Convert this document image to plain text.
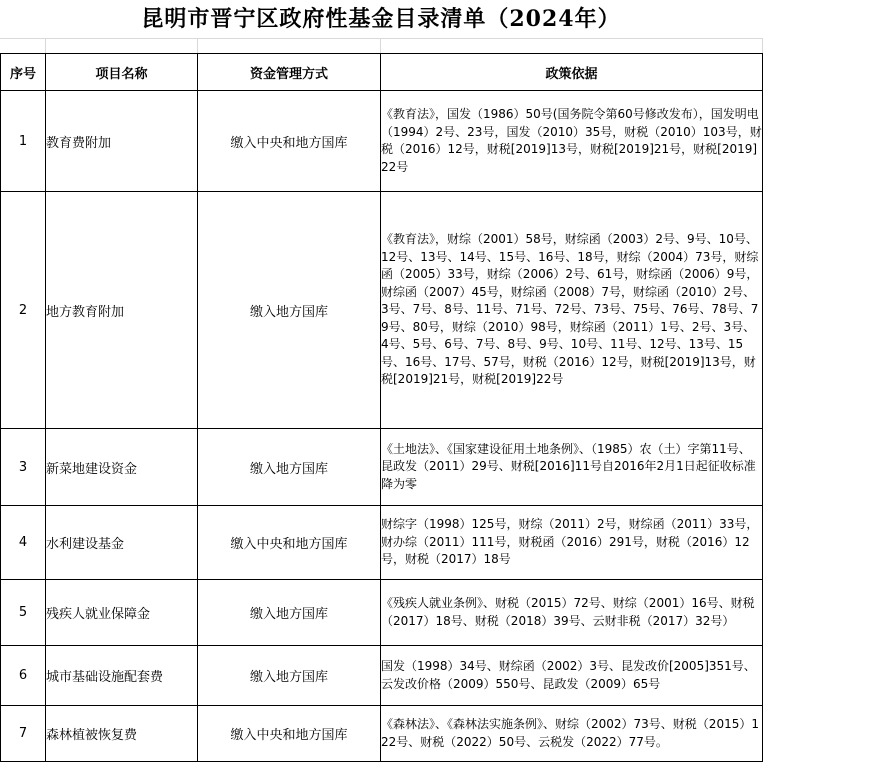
昆明市晋宁区政府性基金目录清单（2024年）
序号	项目名称	资金管理方式	政策依据
1	教育费附加	缴入中央和地方国库	《教育法》，国发（1986）50号(国务院令第60号修改发布），国发明电（1994）2号、23号，国发（2010）35号，财税（2010）103号，财税（2016）12号，财税[2019]13号，财税[2019]21号，财税[2019]22号
2	地方教育附加	缴入地方国库	《教育法》，财综（2001）58号，财综函（2003）2号、9号、10号、12号、13号、14号、15号、16号、18号，财综（2004）73号，财综函（2005）33号，财综（2006）2号、61号，财综函（2006）9号，财综函（2007）45号，财综函（2008）7号，财综函（2010）2号、3号、7号、8号、11号、71号、72号、73号、75号、76号、78号、79号、80号，财综（2010）98号，财综函（2011）1号、2号、3号、4号、5号、6号、7号、8号、9号、10号、11号、12号、13号、15号、16号、17号、57号，财税（2016）12号，财税[2019]13号，财税[2019]21号，财税[2019]22号
3	新菜地建设资金	缴入地方国库	《土地法》、《国家建设征用土地条例》、（1985）农（土）字第11号、昆政发（2011）29号、财税[2016]11号自2016年2月1日起征收标准降为零
4	水利建设基金	缴入中央和地方国库	财综字（1998）125号，财综（2011）2号，财综函（2011）33号，财办综（2011）111号，财税函（2016）291号，财税（2016）12号，财税（2017）18号
5	残疾人就业保障金	缴入地方国库	《残疾人就业条例》、财税（2015）72号、财综（2001）16号、财税（2017）18号、财税（2018）39号、云财非税（2017）32号）
6	城市基础设施配套费	缴入地方国库	国发（1998）34号、财综函（2002）3号、昆发改价[2005]351号、云发改价格（2009）550号、昆政发（2009）65号
7	森林植被恢复费	缴入中央和地方国库	《森林法》、《森林法实施条例》、财综（2002）73号、财税（2015）122号、财税（2022）50号、云税发（2022）77号。
